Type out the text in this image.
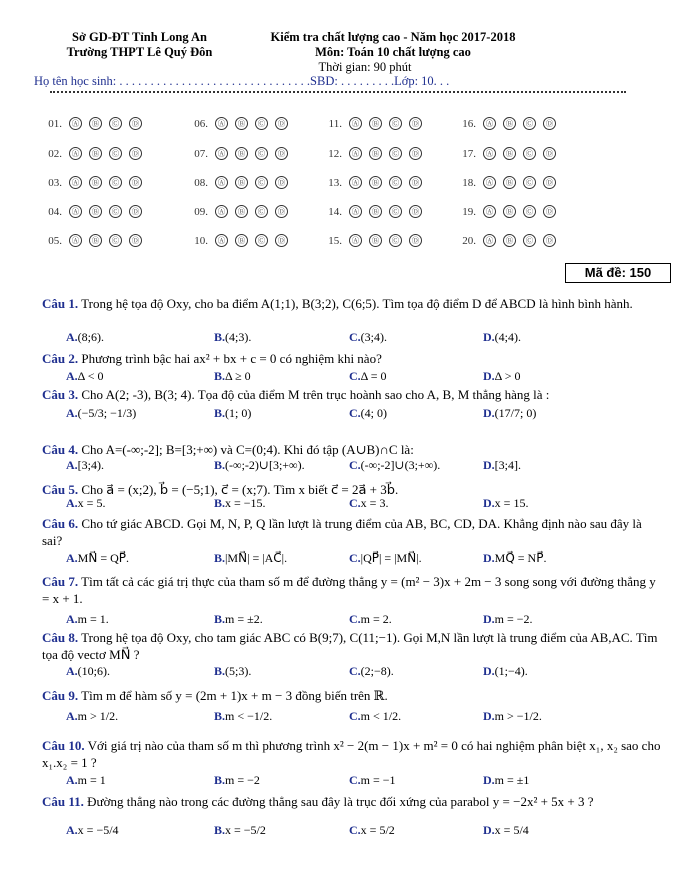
Sở GD-ĐT Tỉnh Long An
Trường THPT Lê Quý Đôn
Kiểm tra chất lượng cao - Năm học 2017-2018
Môn: Toán 10 chất lượng cao
Thời gian: 90 phút
Họ tên học sinh: . . . . . . . . . . . . . . . . . . . . . . . . . . . . . . .SBD: . . . . . . . . .Lớp: 10. . .
01.	Ⓐ	Ⓑ	Ⓒ	Ⓓ
02.	Ⓐ	Ⓑ	Ⓒ	Ⓓ
03.	Ⓐ	Ⓑ	Ⓒ	Ⓓ
04.	Ⓐ	Ⓑ	Ⓒ	Ⓓ
05.	Ⓐ	Ⓑ	Ⓒ	Ⓓ
06.	Ⓐ	Ⓑ	Ⓒ	Ⓓ
07.	Ⓐ	Ⓑ	Ⓒ	Ⓓ
08.	Ⓐ	Ⓑ	Ⓒ	Ⓓ
09.	Ⓐ	Ⓑ	Ⓒ	Ⓓ
10.	Ⓐ	Ⓑ	Ⓒ	Ⓓ
11.	Ⓐ	Ⓑ	Ⓒ	Ⓓ
12.	Ⓐ	Ⓑ	Ⓒ	Ⓓ
13.	Ⓐ	Ⓑ	Ⓒ	Ⓓ
14.	Ⓐ	Ⓑ	Ⓒ	Ⓓ
15.	Ⓐ	Ⓑ	Ⓒ	Ⓓ
16.	Ⓐ	Ⓑ	Ⓒ	Ⓓ
17.	Ⓐ	Ⓑ	Ⓒ	Ⓓ
18.	Ⓐ	Ⓑ	Ⓒ	Ⓓ
19.	Ⓐ	Ⓑ	Ⓒ	Ⓓ
20.	Ⓐ	Ⓑ	Ⓒ	Ⓓ
Mã đề: 150
Câu 1. Trong hệ tọa độ Oxy, cho ba điểm A(1;1), B(3;2), C(6;5). Tìm tọa độ điểm D để ABCD là hình bình hành.
A.(8;6).	B.(4;3).	C.(3;4).	D.(4;4).
Câu 2. Phương trình bậc hai ax² + bx + c = 0 có nghiệm khi nào?
A.Δ < 0	B.Δ ≥ 0	C.Δ = 0	D.Δ > 0
Câu 3. Cho A(2; -3), B(3; 4). Tọa độ của điểm M trên trục hoành sao cho A, B, M thẳng hàng là :
A.(−5/3; −1/3)	B.(1; 0)	C.(4; 0)	D.(17/7; 0)
Câu 4. Cho A=(-∞;-2]; B=[3;+∞) và C=(0;4). Khi đó tập (A∪B)∩C là:
A.[3;4).	B.(-∞;-2)∪[3;+∞).	C.(-∞;-2]∪(3;+∞).	D.[3;4].
Câu 5. Cho a⃗ = (x;2), b⃗ = (−5;1), c⃗ = (x;7). Tìm x biết c⃗ = 2a⃗ + 3b⃗.
A.x = 5.	B.x = −15.	C.x = 3.	D.x = 15.
Câu 6. Cho tứ giác ABCD. Gọi M, N, P, Q lần lượt là trung điểm của AB, BC, CD, DA. Khẳng định nào sau đây là sai?
A.MN⃗ = QP⃗.	B.|MN⃗| = |AC⃗|.	C.|QP⃗| = |MN⃗|.	D.MQ⃗ = NP⃗.
Câu 7. Tìm tất cả các giá trị thực của tham số m để đường thẳng y = (m² − 3)x + 2m − 3 song song với đường thẳng y = x + 1.
A.m = 1.	B.m = ±2.	C.m = 2.	D.m = −2.
Câu 8. Trong hệ tọa độ Oxy, cho tam giác ABC có B(9;7), C(11;−1). Gọi M,N lần lượt là trung điểm của AB,AC. Tìm tọa độ vectơ MN⃗ ?
A.(10;6).	B.(5;3).	C.(2;−8).	D.(1;−4).
Câu 9. Tìm m để hàm số y = (2m + 1)x + m − 3 đồng biến trên ℝ.
A.m > 1/2.	B.m < −1/2.	C.m < 1/2.	D.m > −1/2.
Câu 10. Với giá trị nào của tham số m thì phương trình x² − 2(m − 1)x + m² = 0 có hai nghiệm phân biệt x₁, x₂ sao cho x₁.x₂ = 1 ?
A.m = 1	B.m = −2	C.m = −1	D.m = ±1
Câu 11. Đường thẳng nào trong các đường thẳng sau đây là trục đối xứng của parabol y = −2x² + 5x + 3 ?
A.x = −5/4	B.x = −5/2	C.x = 5/2	D.x = 5/4
